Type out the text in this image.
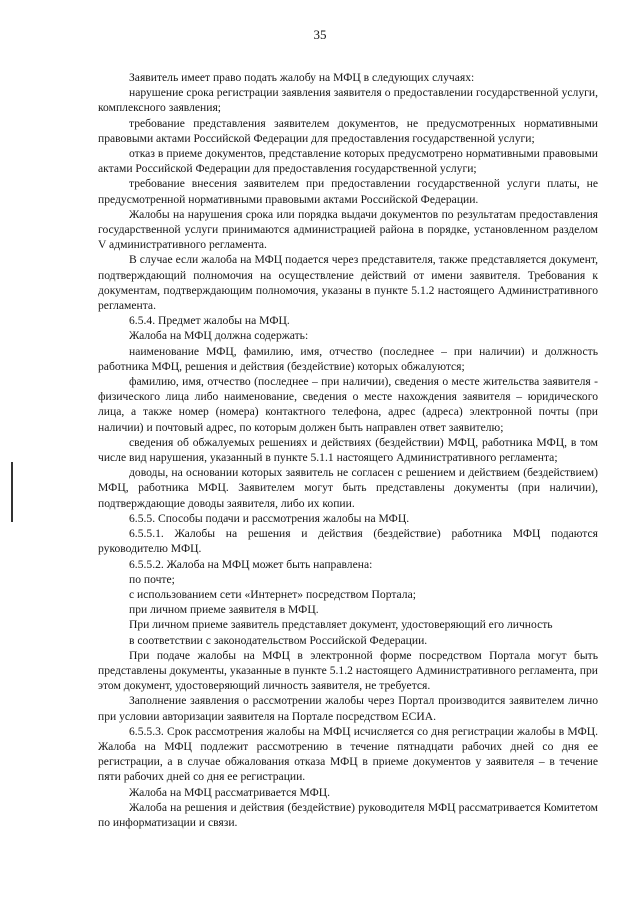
35

Заявитель имеет право подать жалобу на МФЦ в следующих случаях:

нарушение срока регистрации заявления заявителя о предоставлении государственной услуги, комплексного заявления;

требование представления заявителем документов, не предусмотренных нормативными правовыми актами Российской Федерации для предоставления государственной услуги;

отказ в приеме документов, представление которых предусмотрено нормативными правовыми актами Российской Федерации для предоставления государственной услуги;

требование внесения заявителем при предоставлении государственной услуги платы, не предусмотренной нормативными правовыми актами Российской Федерации.

Жалобы на нарушения срока или порядка выдачи документов по результатам предоставления государственной услуги принимаются администрацией района в порядке, установленном разделом V административного регламента.

В случае если жалоба на МФЦ подается через представителя, также представляется документ, подтверждающий полномочия на осуществление действий от имени заявителя. Требования к документам, подтверждающим полномочия, указаны в пункте 5.1.2 настоящего Административного регламента.

6.5.4. Предмет жалобы на МФЦ.

Жалоба на МФЦ должна содержать:

наименование МФЦ, фамилию, имя, отчество (последнее – при наличии) и должность работника МФЦ, решения и действия (бездействие) которых обжалуются;

фамилию, имя, отчество (последнее – при наличии), сведения о месте жительства заявителя - физического лица либо наименование, сведения о месте нахождения заявителя – юридического лица, а также номер (номера) контактного телефона, адрес (адреса) электронной почты (при наличии) и почтовый адрес, по которым должен быть направлен ответ заявителю;

сведения об обжалуемых решениях и действиях (бездействии) МФЦ, работника МФЦ, в том числе вид нарушения, указанный в пункте 5.1.1 настоящего Административного регламента;

доводы, на основании которых заявитель не согласен с решением и действием (бездействием) МФЦ, работника МФЦ. Заявителем могут быть представлены документы (при наличии), подтверждающие доводы заявителя, либо их копии.

6.5.5. Способы подачи и рассмотрения жалобы на МФЦ.

6.5.5.1. Жалобы на решения и действия (бездействие) работника МФЦ подаются руководителю МФЦ.

6.5.5.2. Жалоба на МФЦ может быть направлена:

по почте;

с использованием сети «Интернет» посредством Портала;

при личном приеме заявителя в МФЦ.

При личном приеме заявитель представляет документ, удостоверяющий его личность

в соответствии с законодательством Российской Федерации.

При подаче жалобы на МФЦ в электронной форме посредством Портала могут быть представлены документы, указанные в пункте 5.1.2 настоящего Административного регламента, при этом документ, удостоверяющий личность заявителя, не требуется.

Заполнение заявления о рассмотрении жалобы через Портал производится заявителем лично при условии авторизации заявителя на Портале посредством ЕСИА.

6.5.5.3. Срок рассмотрения жалобы на МФЦ исчисляется со дня регистрации жалобы в МФЦ. Жалоба на МФЦ подлежит рассмотрению в течение пятнадцати рабочих дней со дня ее регистрации, а в случае обжалования отказа МФЦ в приеме документов у заявителя – в течение пяти рабочих дней со дня ее регистрации.

Жалоба на МФЦ рассматривается МФЦ.

Жалоба на решения и действия (бездействие) руководителя МФЦ рассматривается Комитетом по информатизации и связи.
